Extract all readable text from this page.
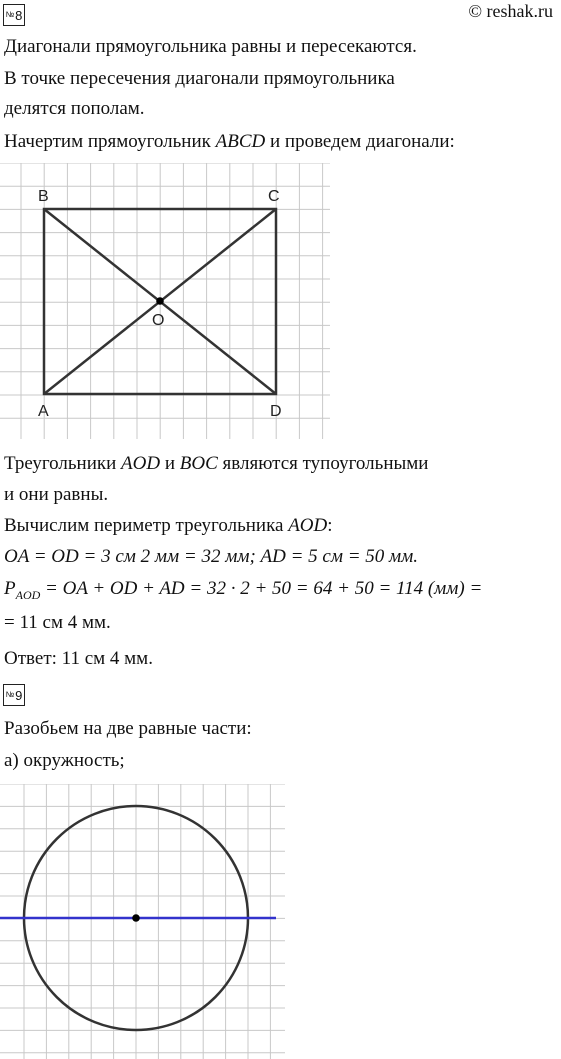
№ 8	© reshak.ru
Диагонали прямоугольника равны и пересекаются.
В точке пересечения диагонали прямоугольника
делятся пополам.
Начертим прямоугольник ABCD и проведем диагонали:
B	C
A	D
O
Треугольники AOD и BOC являются тупоугольными
и они равны.
Вычислим периметр треугольника AOD:
OA = OD = 3 см 2 мм = 32 мм; AD = 5 см = 50 мм.
$P_{AOD}$ = OA + OD + AD = 32 · 2 + 50 = 64 + 50 = 114 (мм) =
= 11 см 4 мм.
Ответ: 11 см 4 мм.
№ 9
Разобьем на две равные части:
а) окружность;
